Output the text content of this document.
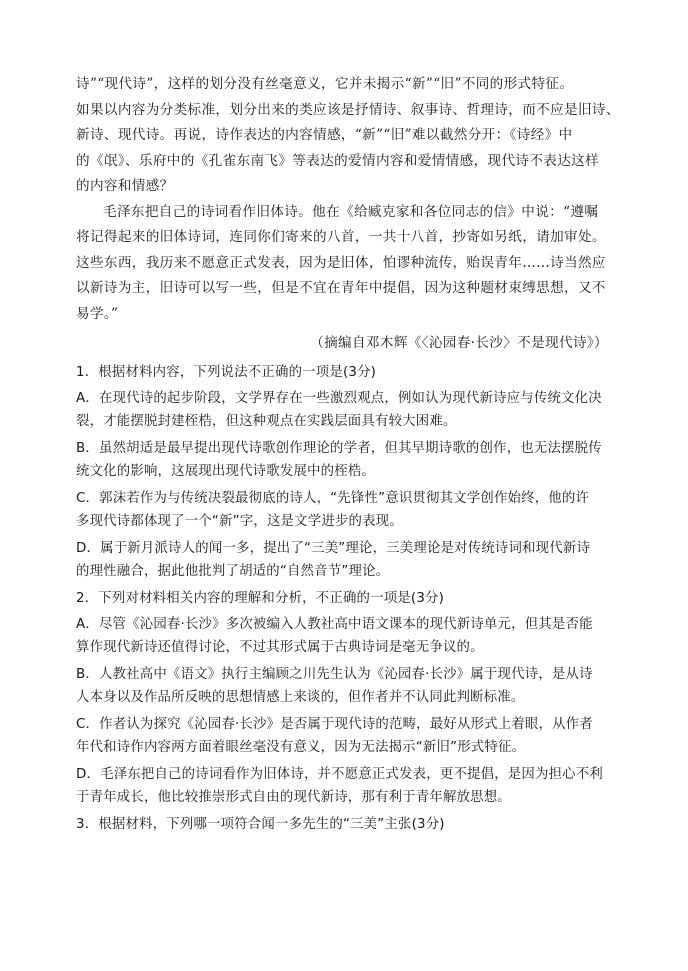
诗”“现代诗”，这样的划分没有丝毫意义，它并未揭示“新”“旧”不同的形式特征。

如果以内容为分类标准，划分出来的类应该是抒情诗、叙事诗、哲理诗，而不应是旧诗、

新诗、现代诗。再说，诗作表达的内容情感，“新”“旧”难以截然分开：《诗经》中

的《氓》、乐府中的《孔雀东南飞》等表达的爱情内容和爱情情感，现代诗不表达这样

的内容和情感？

毛泽东把自己的诗词看作旧体诗。他在《给臧克家和各位同志的信》中说：“遵嘱

将记得起来的旧体诗词，连同你们寄来的八首，一共十八首，抄寄如另纸，请加审处。

这些东西，我历来不愿意正式发表，因为是旧体，怕谬种流传，贻误青年……诗当然应

以新诗为主，旧诗可以写一些，但是不宜在青年中提倡，因为这种题材束缚思想，又不

易学。”

（摘编自邓木辉《〈沁园春·长沙〉不是现代诗》）

1．根据材料内容，下列说法不正确的一项是(3分)

A．在现代诗的起步阶段，文学界存在一些激烈观点，例如认为现代新诗应与传统文化决
裂，才能摆脱封建桎梏，但这种观点在实践层面具有较大困难。

B．虽然胡适是最早提出现代诗歌创作理论的学者，但其早期诗歌的创作，也无法摆脱传
统文化的影响，这展现出现代诗歌发展中的桎梏。

C．郭沫若作为与传统决裂最彻底的诗人，“先锋性”意识贯彻其文学创作始终，他的许
多现代诗都体现了一个“新”字，这是文学进步的表现。

D．属于新月派诗人的闻一多，提出了“三美”理论，三美理论是对传统诗词和现代新诗
的理性融合，据此他批判了胡适的“自然音节”理论。

2．下列对材料相关内容的理解和分析，不正确的一项是(3分)

A．尽管《沁园春·长沙》多次被编入人教社高中语文课本的现代新诗单元，但其是否能
算作现代新诗还值得讨论，不过其形式属于古典诗词是毫无争议的。

B．人教社高中《语文》执行主编顾之川先生认为《沁园春·长沙》属于现代诗，是从诗
人本身以及作品所反映的思想情感上来谈的，但作者并不认同此判断标准。

C．作者认为探究《沁园春·长沙》是否属于现代诗的范畴，最好从形式上着眼，从作者
年代和诗作内容两方面着眼丝毫没有意义，因为无法揭示“新旧”形式特征。

D．毛泽东把自己的诗词看作为旧体诗，并不愿意正式发表，更不提倡，是因为担心不利
于青年成长，他比较推崇形式自由的现代新诗，那有利于青年解放思想。

3．根据材料，下列哪一项符合闻一多先生的“三美”主张(3分)
